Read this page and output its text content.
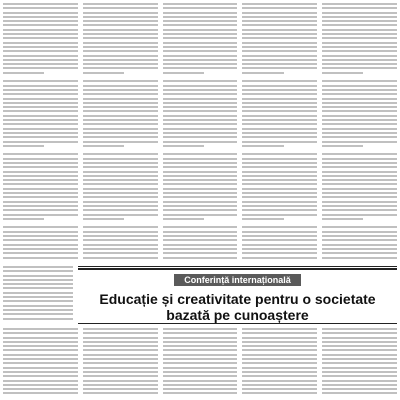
Conferință internațională
Educație și creativitate pentru o societate bazată pe cunoaștere
